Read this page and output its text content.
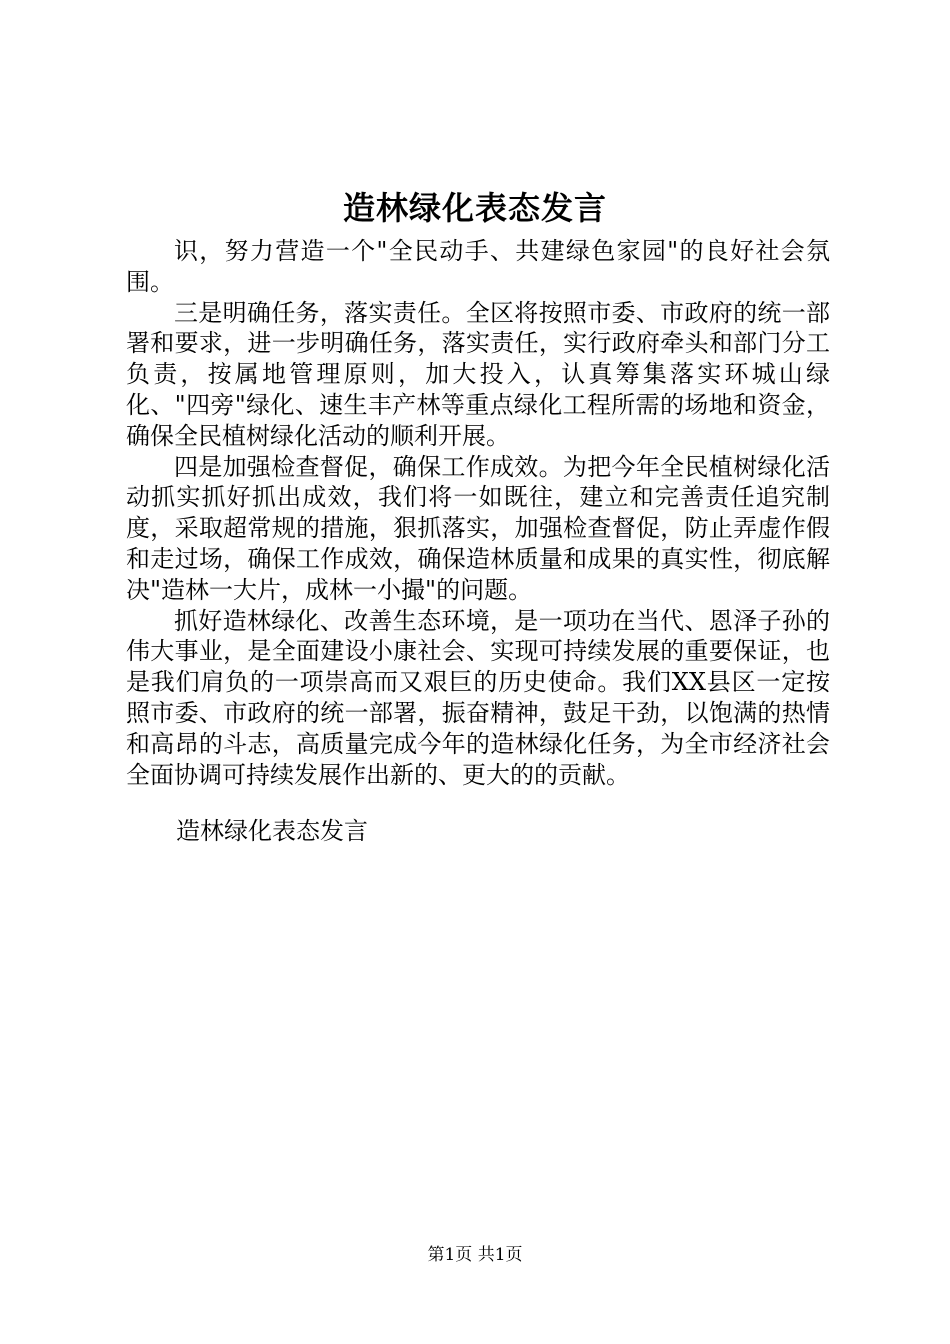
造林绿化表态发言

识，努力营造一个"全民动手、共建绿色家园"的良好社会氛围。

三是明确任务，落实责任。全区将按照市委、市政府的统一部署和要求，进一步明确任务，落实责任，实行政府牵头和部门分工负责，按属地管理原则，加大投入，认真筹集落实环城山绿化、"四旁"绿化、速生丰产林等重点绿化工程所需的场地和资金，确保全民植树绿化活动的顺利开展。

四是加强检查督促，确保工作成效。为把今年全民植树绿化活动抓实抓好抓出成效，我们将一如既往，建立和完善责任追究制度，采取超常规的措施，狠抓落实，加强检查督促，防止弄虚作假和走过场，确保工作成效，确保造林质量和成果的真实性，彻底解决"造林一大片，成林一小撮"的问题。

抓好造林绿化、改善生态环境，是一项功在当代、恩泽子孙的伟大事业，是全面建设小康社会、实现可持续发展的重要保证，也是我们肩负的一项崇高而又艰巨的历史使命。我们XX县区一定按照市委、市政府的统一部署，振奋精神，鼓足干劲，以饱满的热情和高昂的斗志，高质量完成今年的造林绿化任务，为全市经济社会全面协调可持续发展作出新的、更大的的贡献。

造林绿化表态发言
第1页 共1页
